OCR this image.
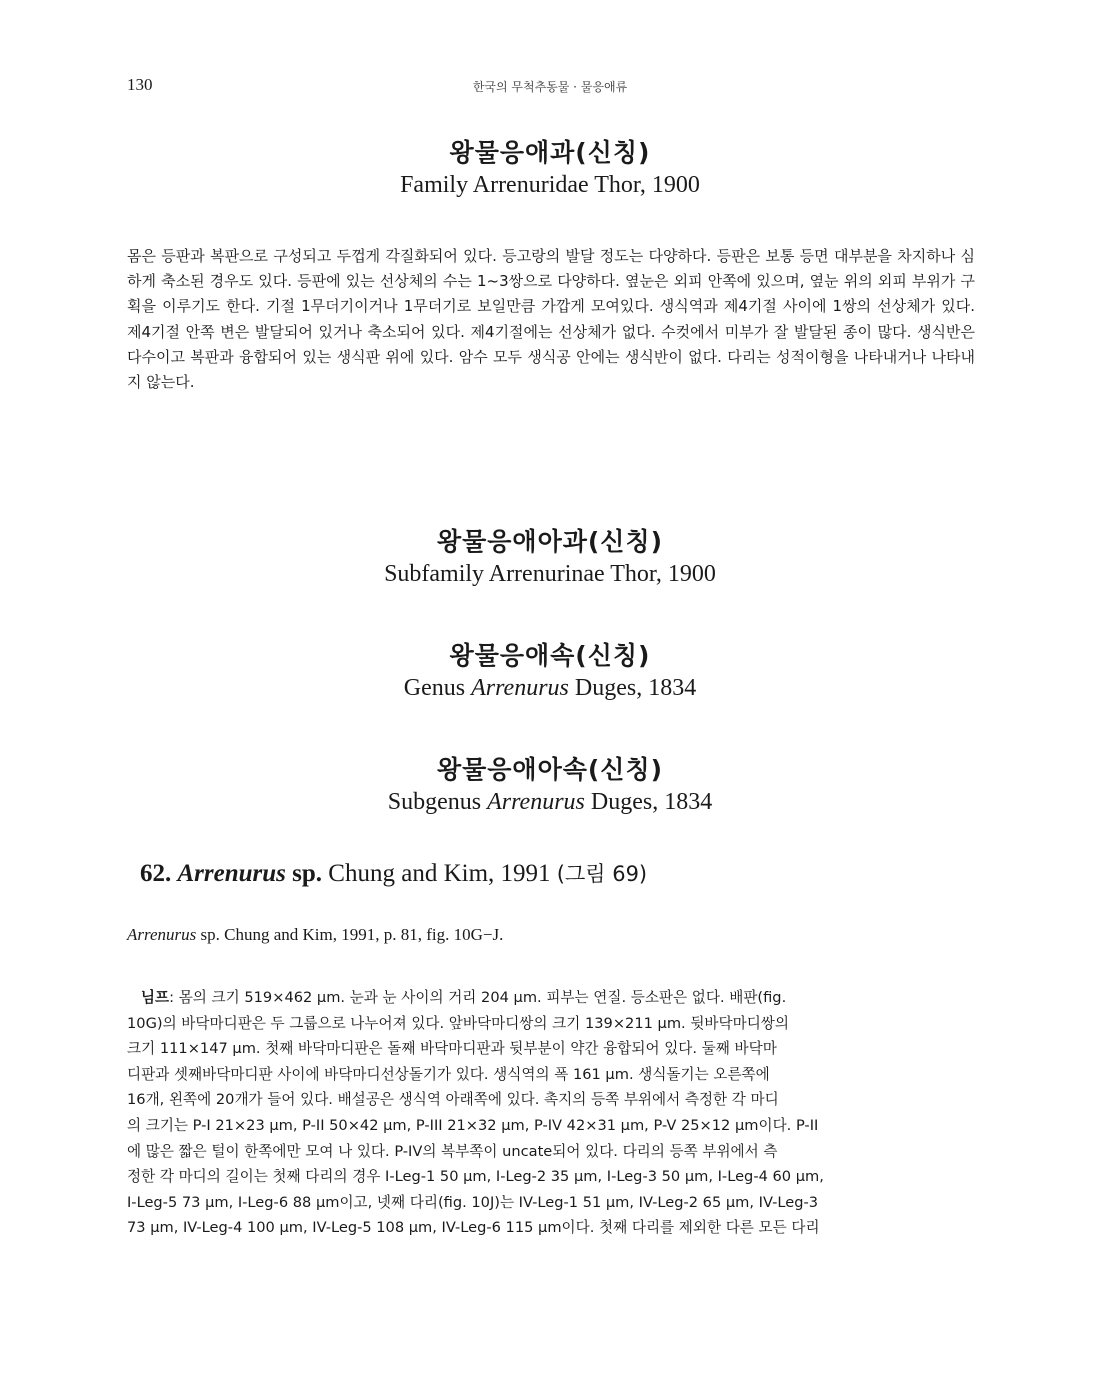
130	한국의 무척추동물 · 물응애류
왕물응애과(신칭)
Family Arrenuridae Thor, 1900

몸은 등판과 복판으로 구성되고 두껍게 각질화되어 있다. 등고랑의 발달 정도는 다양하다. 등판은 보통 등면 대부분을 차지하나 심하게 축소된 경우도 있다. 등판에 있는 선상체의 수는 1~3쌍으로 다양하다. 옆눈은 외피 안쪽에 있으며, 옆눈 위의 외피 부위가 구획을 이루기도 한다. 기절 1무더기이거나 1무더기로 보일만큼 가깝게 모여있다. 생식역과 제4기절 사이에 1쌍의 선상체가 있다. 제4기절 안쪽 변은 발달되어 있거나 축소되어 있다. 제4기절에는 선상체가 없다. 수컷에서 미부가 잘 발달된 종이 많다. 생식반은 다수이고 복판과 융합되어 있는 생식판 위에 있다. 암수 모두 생식공 안에는 생식반이 없다. 다리는 성적이형을 나타내거나 나타내지 않는다.

왕물응애아과(신칭)
Subfamily Arrenurinae Thor, 1900
왕물응애속(신칭)
Genus Arrenurus Duges, 1834
왕물응애아속(신칭)
Subgenus Arrenurus Duges, 1834
62. Arrenurus sp. Chung and Kim, 1991 (그림 69)
Arrenurus sp. Chung and Kim, 1991, p. 81, fig. 10G−J.
님프: 몸의 크기 519×462 μm. 눈과 눈 사이의 거리 204 μm. 피부는 연질. 등소판은 없다. 배판(fig.
10G)의 바닥마디판은 두 그룹으로 나누어져 있다. 앞바닥마디쌍의 크기 139×211 μm. 뒷바닥마디쌍의
크기 111×147 μm. 첫째 바닥마디판은 돌째 바닥마디판과 뒷부분이 약간 융합되어 있다. 둘째 바닥마
디판과 셋째바닥마디판 사이에 바닥마디선상돌기가 있다. 생식역의 폭 161 μm. 생식돌기는 오른쪽에
16개, 왼쪽에 20개가 들어 있다. 배설공은 생식역 아래쪽에 있다. 촉지의 등쪽 부위에서 측정한 각 마디
의 크기는 P-I 21×23 μm, P-II 50×42 μm, P-III 21×32 μm, P-IV 42×31 μm, P-V 25×12 μm이다. P-II
에 많은 짧은 털이 한쪽에만 모여 나 있다. P-IV의 복부쪽이 uncate되어 있다. 다리의 등쪽 부위에서 측
정한 각 마디의 길이는 첫째 다리의 경우 I-Leg-1 50 μm, I-Leg-2 35 μm, I-Leg-3 50 μm, I-Leg-4 60 μm,
I-Leg-5 73 μm, I-Leg-6 88 μm이고, 넷째 다리(fig. 10J)는 IV-Leg-1 51 μm, IV-Leg-2 65 μm, IV-Leg-3
73 μm, IV-Leg-4 100 μm, IV-Leg-5 108 μm, IV-Leg-6 115 μm이다. 첫째 다리를 제외한 다른 모든 다리
